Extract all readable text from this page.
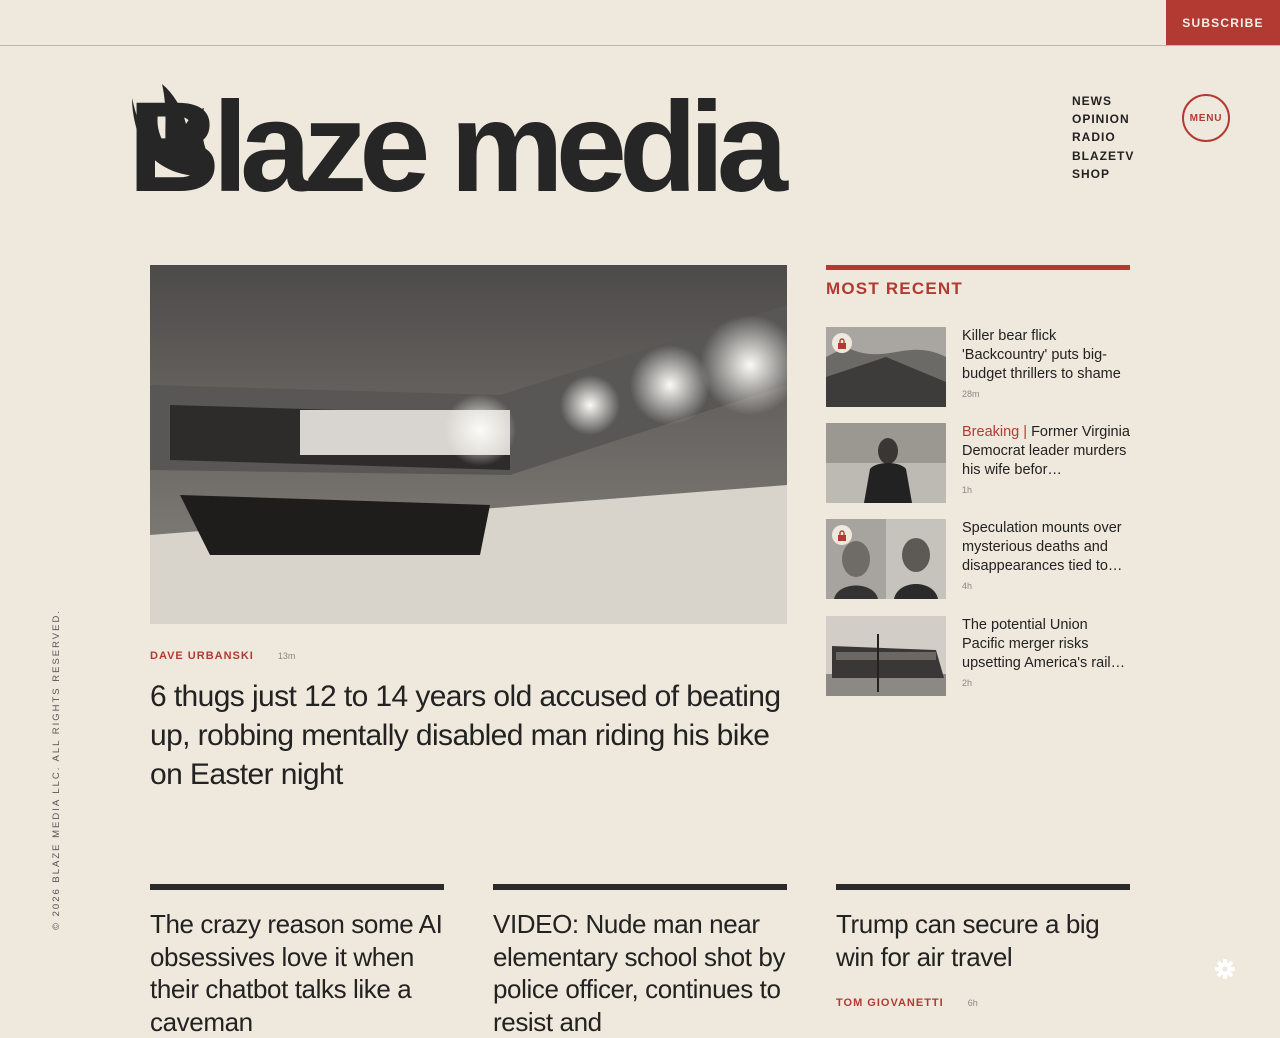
SUBSCRIBE
Blaze media	NEWS
OPINION
RADIO
BLAZETV
SHOP
MENU
DAVE URBANSKI	13m
6 thugs just 12 to 14 years old accused of beating up, robbing mentally disabled man riding his bike on Easter night
MOST RECENT
Killer bear flick 'Backcountry' puts big-budget thrillers to shame
28m
Breaking | Former Virginia Democrat leader murders his wife befor…
1h
Speculation mounts over mysterious deaths and disappearances tied to…
4h
The potential Union Pacific merger risks upsetting America's rail…
2h
The crazy reason some AI obsessives love it when their chatbot talks like a caveman
VIDEO: Nude man near elementary school shot by police officer, continues to resist and
Trump can secure a big win for air travel
TOM GIOVANETTI	6h
© 2026 BLAZE MEDIA LLC. ALL RIGHTS RESERVED.
